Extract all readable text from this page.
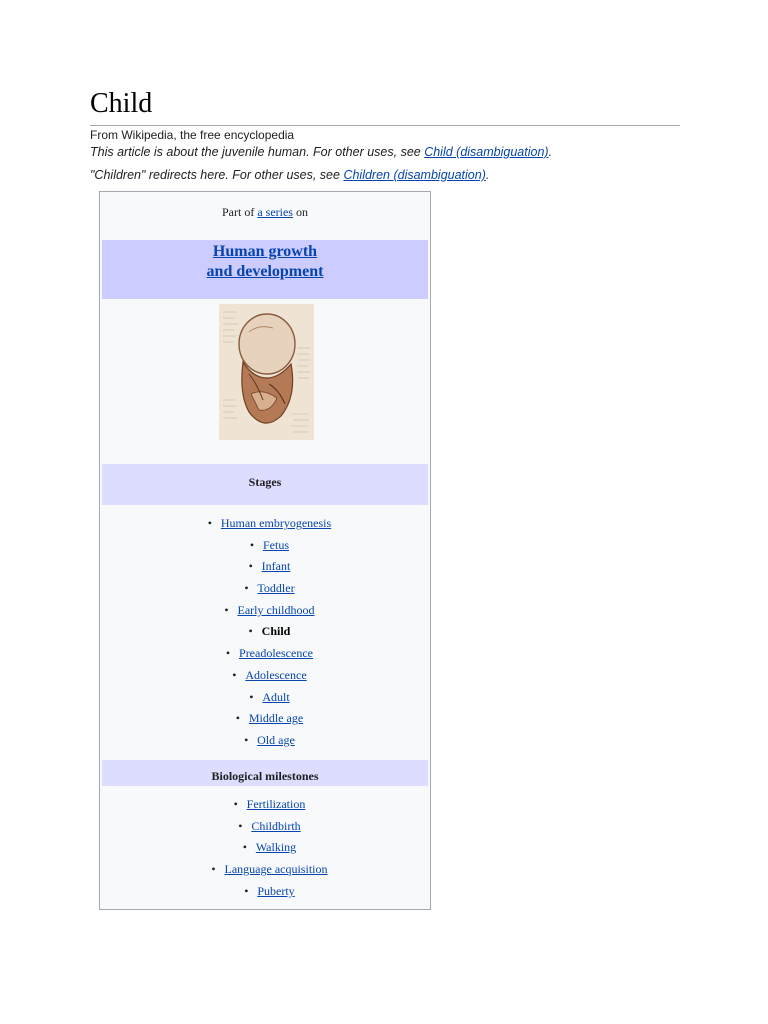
Child
From Wikipedia, the free encyclopedia
This article is about the juvenile human. For other uses, see Child (disambiguation).
"Children" redirects here. For other uses, see Children (disambiguation).
Part of a series on
Human growth
and development
Stages
• Human embryogenesis
• Fetus
• Infant
• Toddler
• Early childhood
• Child
• Preadolescence
• Adolescence
• Adult
• Middle age
• Old age
Biological milestones
• Fertilization
• Childbirth
• Walking
• Language acquisition
• Puberty
